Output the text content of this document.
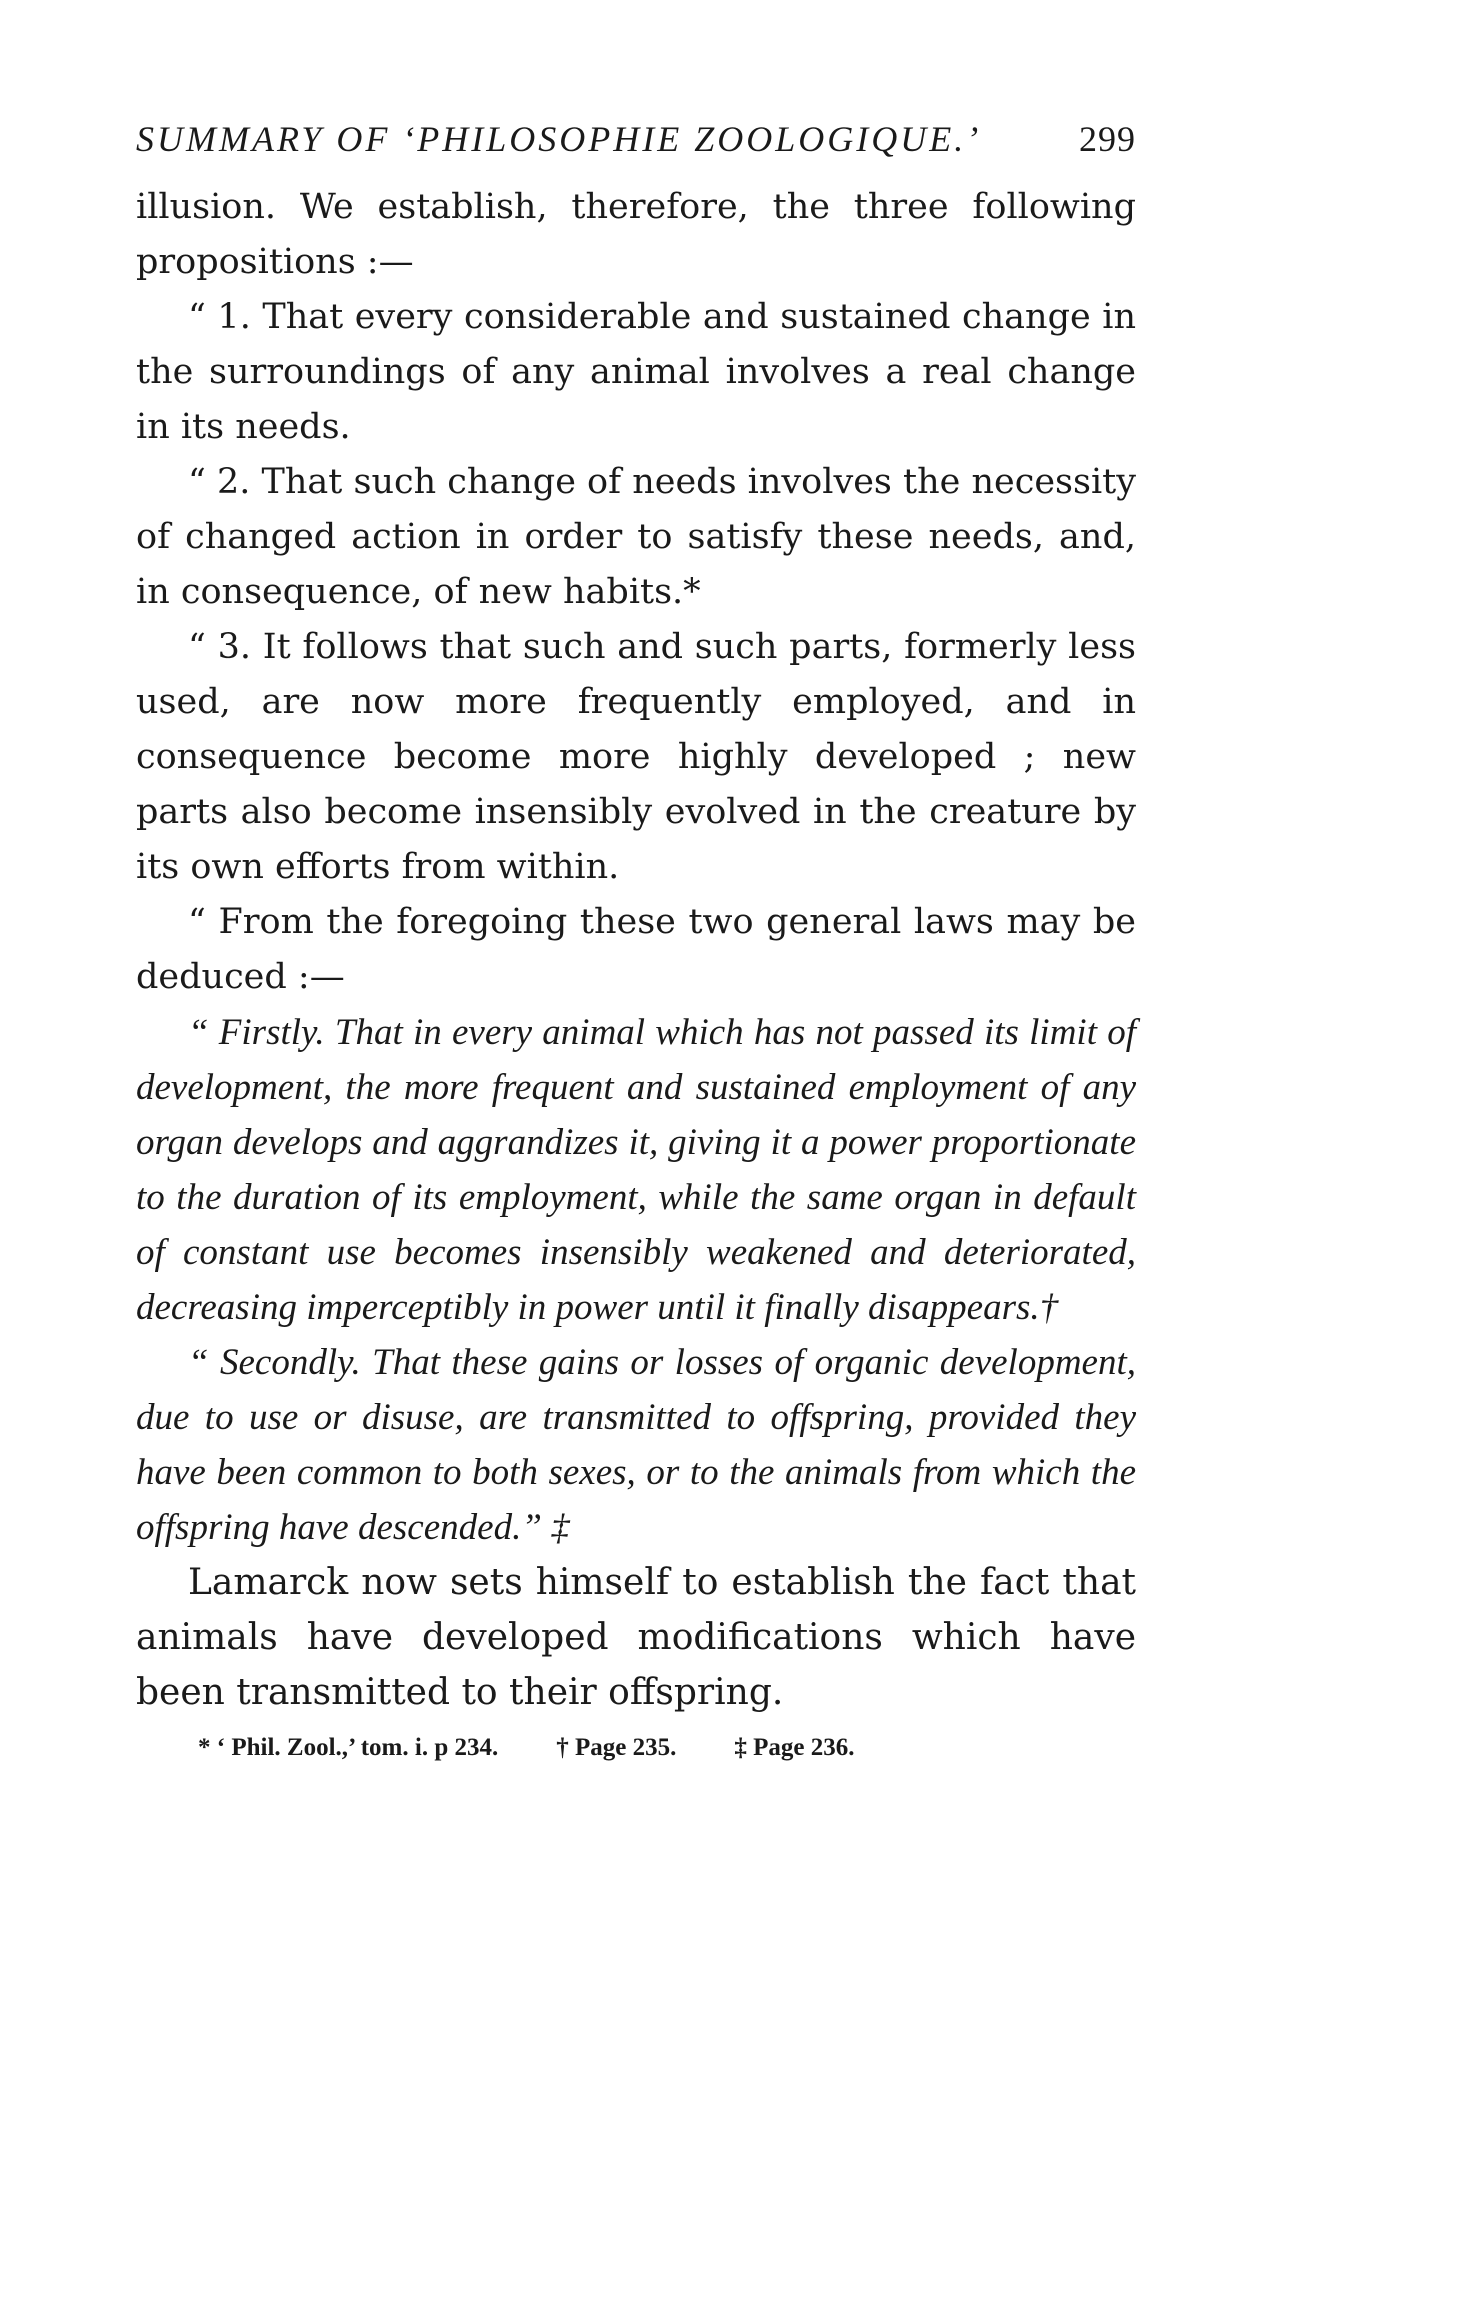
SUMMARY OF ‘PHILOSOPHIE ZOOLOGIQUE.’	299

illusion. We establish, therefore, the three following propositions :—

“ 1. That every considerable and sustained change in the surroundings of any animal involves a real change in its needs.

“ 2. That such change of needs involves the necessity of changed action in order to satisfy these needs, and, in consequence, of new habits.*

“ 3. It follows that such and such parts, formerly less used, are now more frequently employed, and in consequence become more highly developed ; new parts also become insensibly evolved in the creature by its own efforts from within.

“ From the foregoing these two general laws may be deduced :—

“ Firstly. That in every animal which has not passed its limit of development, the more frequent and sustained employment of any organ develops and aggrandizes it, giving it a power proportionate to the duration of its employment, while the same organ in default of constant use becomes insensibly weakened and deteriorated, decreasing imperceptibly in power until it finally disappears.†

“ Secondly. That these gains or losses of organic development, due to use or disuse, are transmitted to offspring, provided they have been common to both sexes, or to the animals from which the offspring have descended.” ‡

Lamarck now sets himself to establish the fact that animals have developed modifications which have been transmitted to their offspring.

* ‘ Phil. Zool.,’ tom. i. p 234. † Page 235. ‡ Page 236.
